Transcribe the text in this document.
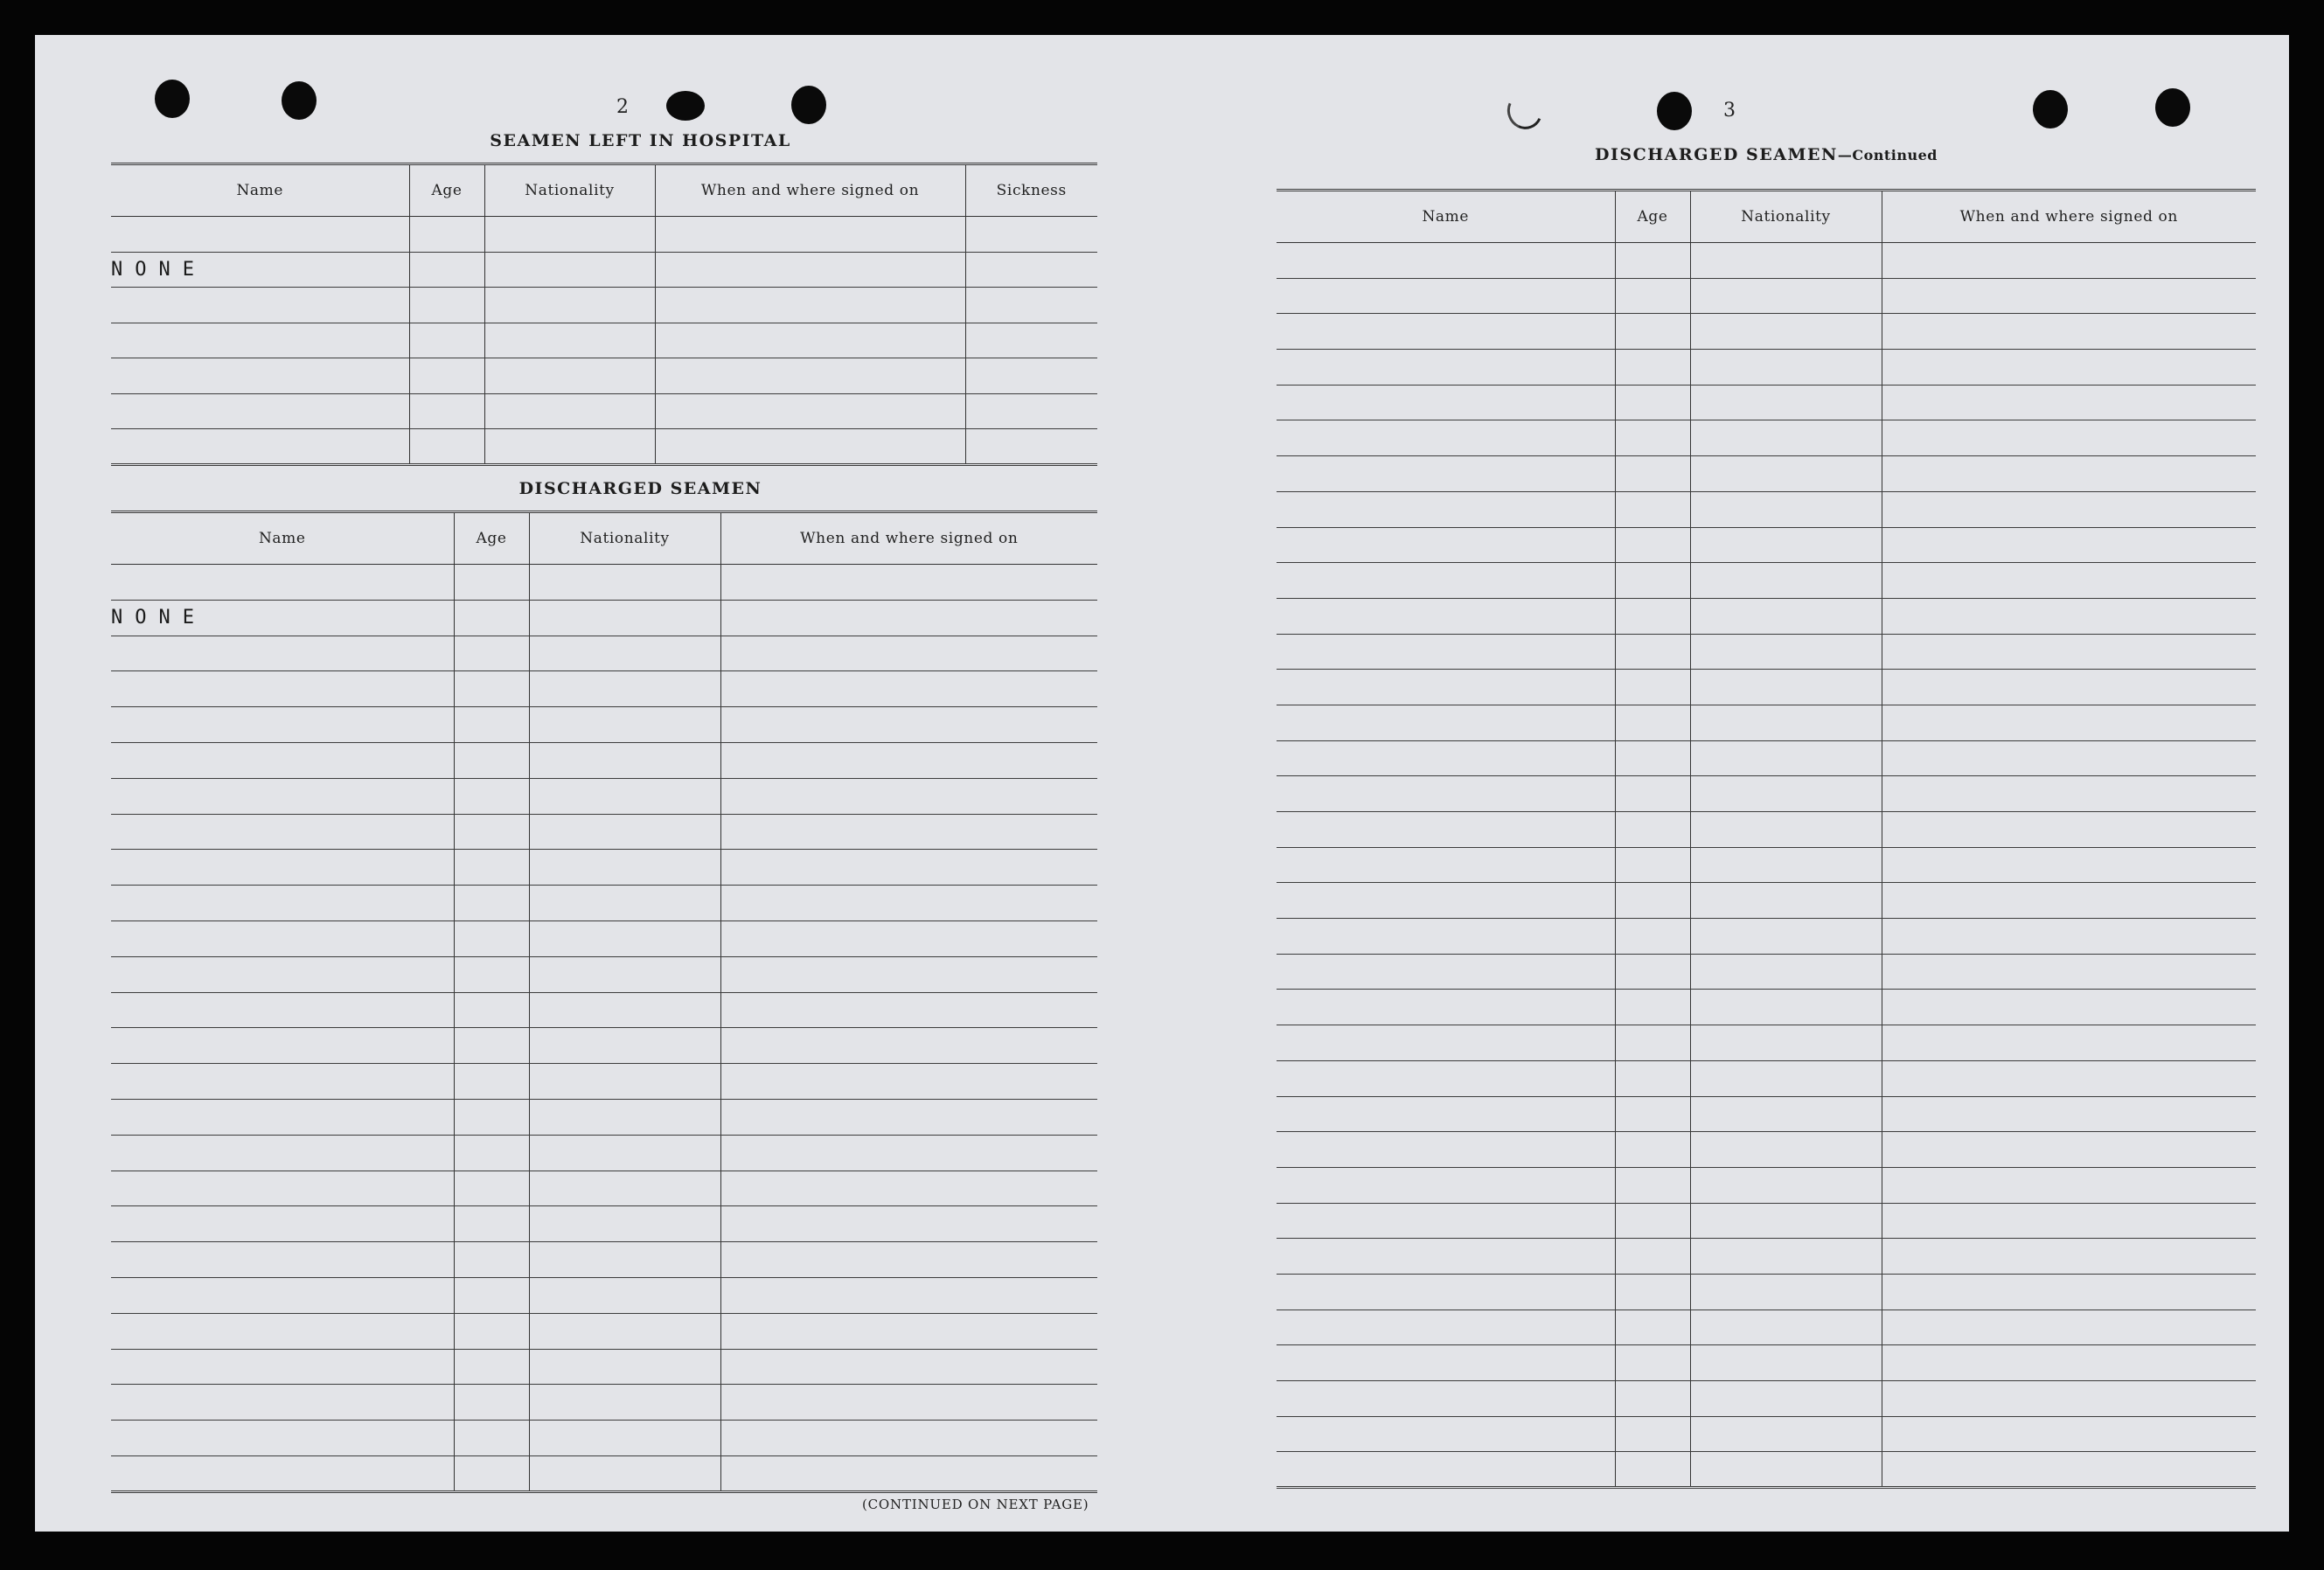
2
SEAMEN LEFT IN HOSPITAL
Name	Age	Nationality	When and where signed on	Sickness

NONE				

DISCHARGED SEAMEN
Name	Age	Nationality	When and where signed on

NONE			

(CONTINUED ON NEXT PAGE)
3
DISCHARGED SEAMEN—Continued
Name	Age	Nationality	When and where signed on
